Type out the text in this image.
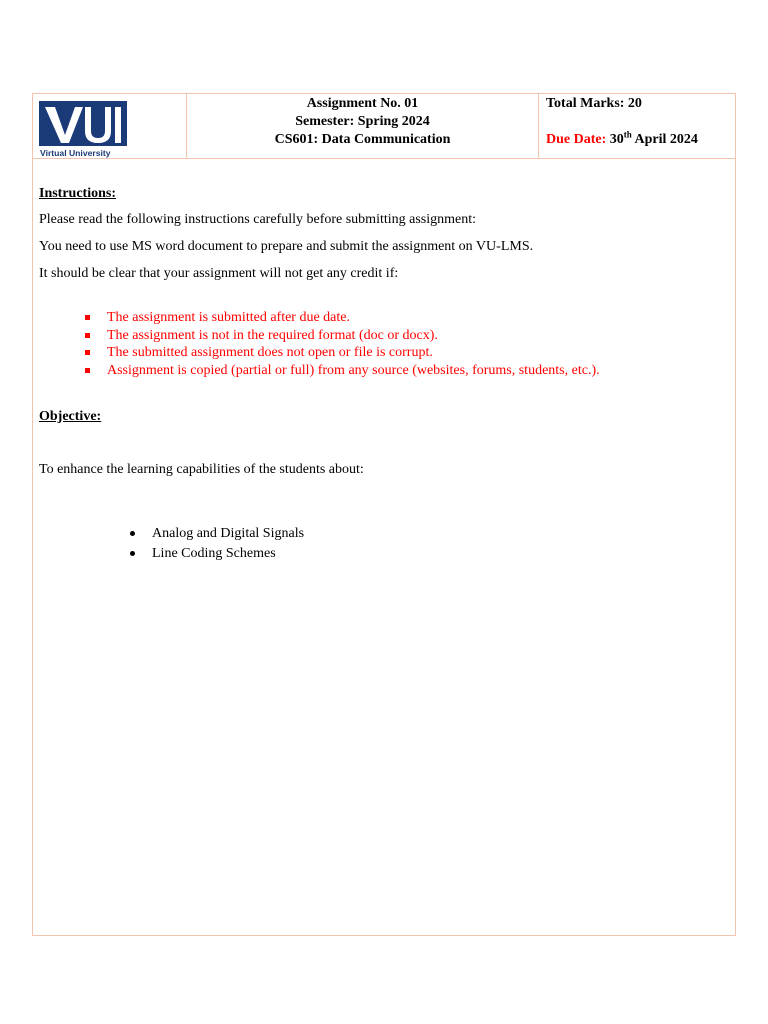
Virtual University
Assignment No. 01
Semester: Spring 2024
CS601: Data Communication
Total Marks: 20
Due Date: 30th April 2024
Instructions:
Please read the following instructions carefully before submitting assignment:
You need to use MS word document to prepare and submit the assignment on VU-LMS.
It should be clear that your assignment will not get any credit if:
The assignment is submitted after due date.
The assignment is not in the required format (doc or docx).
The submitted assignment does not open or file is corrupt.
Assignment is copied (partial or full) from any source (websites, forums, students, etc.).
Objective:
To enhance the learning capabilities of the students about:
Analog and Digital Signals
Line Coding Schemes
